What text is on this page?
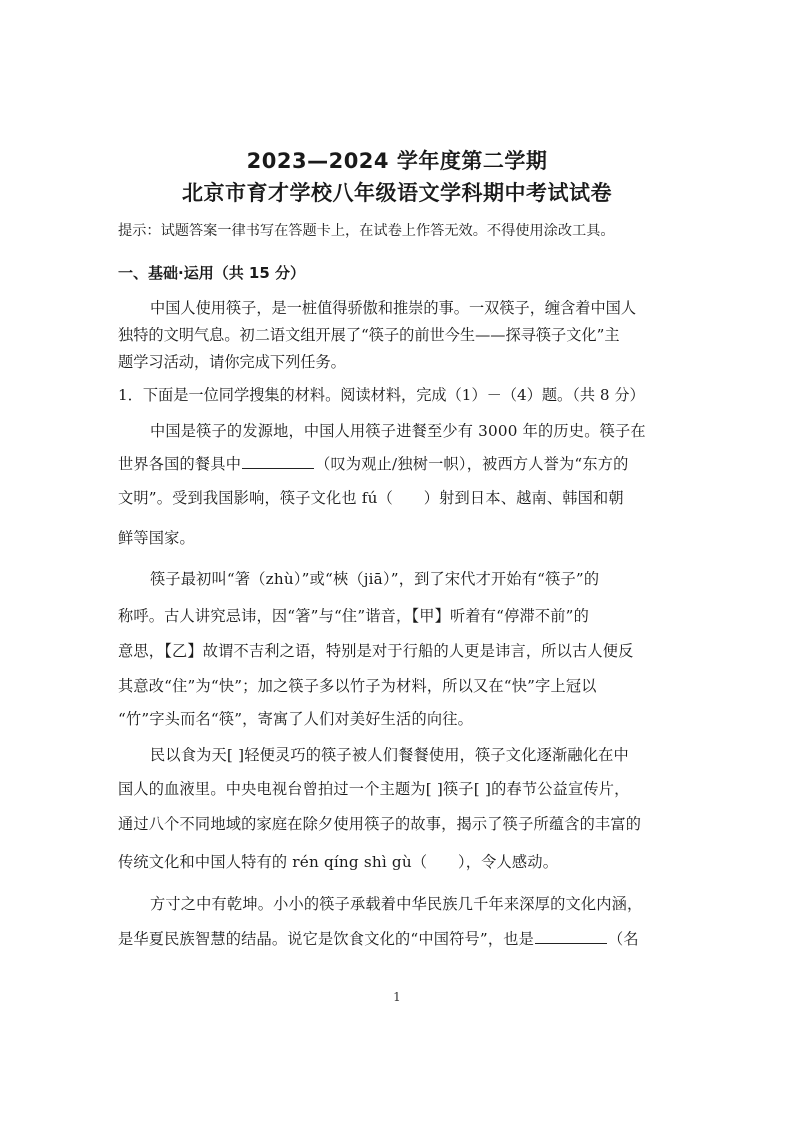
2023—2024 学年度第二学期
北京市育才学校八年级语文学科期中考试试卷
提示：试题答案一律书写在答题卡上，在试卷上作答无效。不得使用涂改工具。
一、基础·运用（共 15 分）
中国人使用筷子，是一桩值得骄傲和推崇的事。一双筷子，缠含着中国人
独特的文明气息。初二语文组开展了“筷子的前世今生——探寻筷子文化”主
题学习活动，请你完成下列任务。
1．下面是一位同学搜集的材料。阅读材料，完成（1）－（4）题。（共 8 分）
中国是筷子的发源地，中国人用筷子进餐至少有 3000 年的历史。筷子在
世界各国的餐具中	（叹为观止/独树一帜），被西方人誉为“东方的
文明”。受到我国影响，筷子文化也 fú（　　）射到日本、越南、韩国和朝
鲜等国家。
筷子最初叫“箸（zhù）”或“梜（jiā）”，到了宋代才开始有“筷子”的
称呼。古人讲究忌讳，因“箸”与“住”谐音，【甲】听着有“停滞不前”的
意思，【乙】故谓不吉利之语，特别是对于行船的人更是讳言，所以古人便反
其意改“住”为“快”；加之筷子多以竹子为材料，所以又在“快”字上冠以
“竹”字头而名“筷”，寄寓了人们对美好生活的向往。
民以食为天[ ]轻便灵巧的筷子被人们餐餐使用，筷子文化逐渐融化在中
国人的血液里。中央电视台曾拍过一个主题为[ ]筷子[ ]的春节公益宣传片，
通过八个不同地域的家庭在除夕使用筷子的故事，揭示了筷子所蕴含的丰富的
传统文化和中国人特有的 rén qíng shì gù（　　），令人感动。
方寸之中有乾坤。小小的筷子承载着中华民族几千年来深厚的文化内涵，
是华夏民族智慧的结晶。说它是饮食文化的“中国符号”，也是	（名
1
